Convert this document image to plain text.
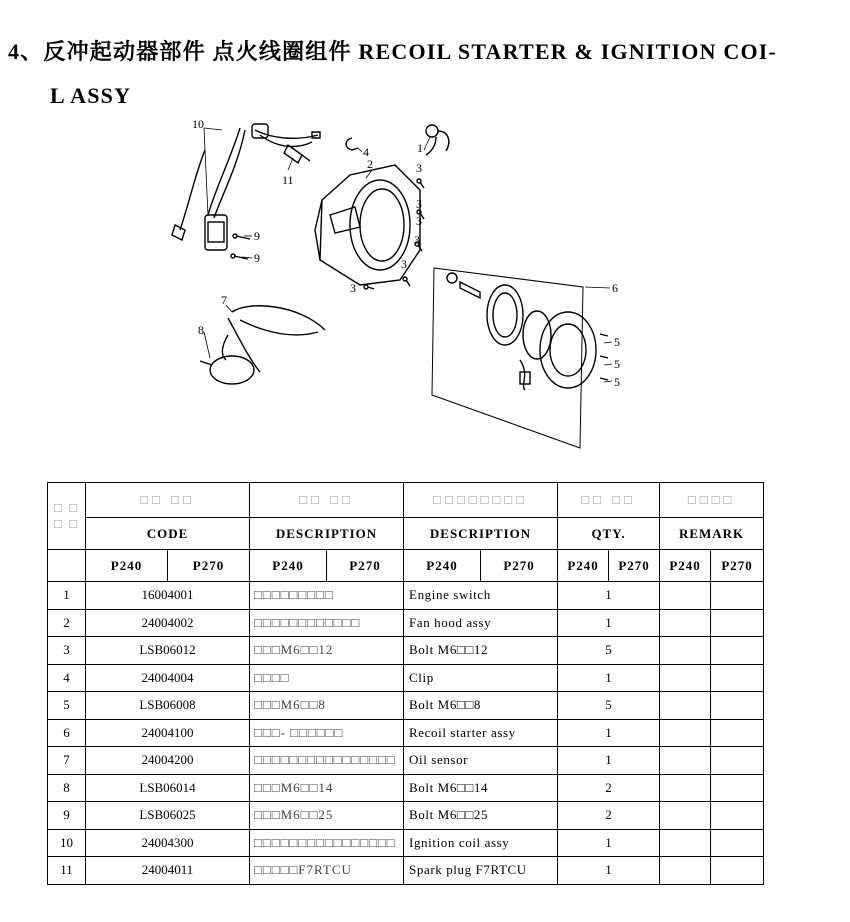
4、反冲起动器部件 点火线圈组件 RECOIL STARTER & IGNITION COI-
L ASSY
10
11
4	1
2	3
3
3
3
3
3
9
9
7
8
6
5
5
5
□ □
□ □	□□ □□		□□ □□		□□□□□□□□		□□ □□		□□□□	
	CODE		DESCRIPTION		DESCRIPTION		QTY.		REMARK	
	P240	P270	P240	P270	P240	P270	P240	P270	P240	P270
1	16004001		□□□□□□□□□		Engine switch		1			
2	24004002		□□□□□□□□□□□□		Fan hood assy		1			
3	LSB06012		□□□M6□□12		Bolt M6□□12		5			
4	24004004		□□□□		Clip		1			
5	LSB06008		□□□M6□□8		Bolt M6□□8		5			
6	24004100		□□□- □□□□□□		Recoil starter assy		1			
7	24004200		□□□□□□□□□□□□□□□□		Oil sensor		1			
8	LSB06014		□□□M6□□14		Bolt M6□□14		2			
9	LSB06025		□□□M6□□25		Bolt M6□□25		2			
10	24004300		□□□□□□□□□□□□□□□□		Ignition coil assy		1			
11	24004011		□□□□□F7RTCU		Spark plug F7RTCU		1			
